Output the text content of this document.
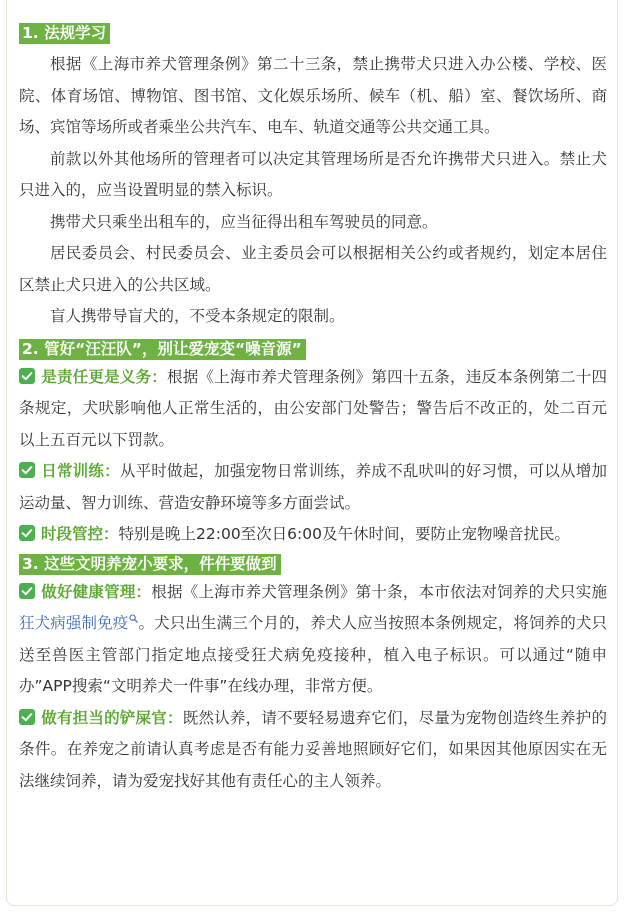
1. 法规学习

根据《上海市养犬管理条例》第二十三条，禁止携带犬只进入办公楼、学校、医院、体育场馆、博物馆、图书馆、文化娱乐场所、候车（机、船）室、餐饮场所、商场、宾馆等场所或者乘坐公共汽车、电车、轨道交通等公共交通工具。

前款以外其他场所的管理者可以决定其管理场所是否允许携带犬只进入。禁止犬只进入的，应当设置明显的禁入标识。

携带犬只乘坐出租车的，应当征得出租车驾驶员的同意。

居民委员会、村民委员会、业主委员会可以根据相关公约或者规约，划定本居住区禁止犬只进入的公共区域。

盲人携带导盲犬的，不受本条规定的限制。

2. 管好“汪汪队”，别让爱宠变“噪音源”

是责任更是义务：根据《上海市养犬管理条例》第四十五条，违反本条例第二十四条规定，犬吠影响他人正常生活的，由公安部门处警告；警告后不改正的，处二百元以上五百元以下罚款。

日常训练：从平时做起，加强宠物日常训练，养成不乱吠叫的好习惯，可以从增加运动量、智力训练、营造安静环境等多方面尝试。

时段管控：特别是晚上22:00至次日6:00及午休时间，要防止宠物噪音扰民。

3. 这些文明养宠小要求，件件要做到

做好健康管理：根据《上海市养犬管理条例》第十条，本市依法对饲养的犬只实施狂犬病强制免疫 。犬只出生满三个月的，养犬人应当按照本条例规定，将饲养的犬只送至兽医主管部门指定地点接受狂犬病免疫接种，植入电子标识。可以通过“随申办”APP搜索“文明养犬一件事”在线办理，非常方便。

做有担当的铲屎官：既然认养，请不要轻易遗弃它们，尽量为宠物创造终生养护的条件。在养宠之前请认真考虑是否有能力妥善地照顾好它们，如果因其他原因实在无法继续饲养，请为爱宠找好其他有责任心的主人领养。
